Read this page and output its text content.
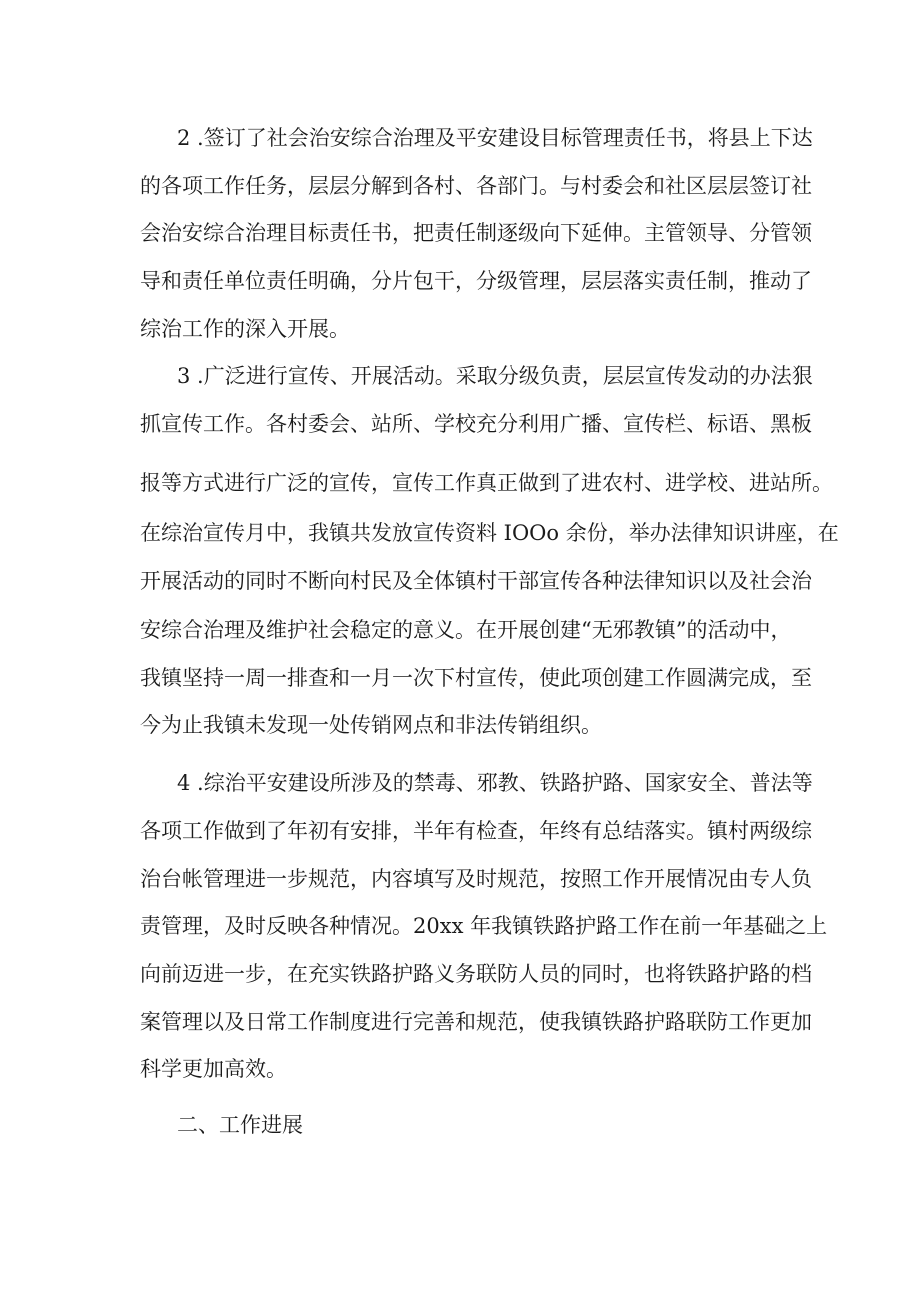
2 .签订了社会治安综合治理及平安建设目标管理责任书，将县上下达
的各项工作任务，层层分解到各村、各部门。与村委会和社区层层签订社
会治安综合治理目标责任书，把责任制逐级向下延伸。主管领导、分管领
导和责任单位责任明确，分片包干，分级管理，层层落实责任制，推动了
综治工作的深入开展。
3 .广泛进行宣传、开展活动。采取分级负责，层层宣传发动的办法狠
抓宣传工作。各村委会、站所、学校充分利用广播、宣传栏、标语、黑板
报等方式进行广泛的宣传，宣传工作真正做到了进农村、进学校、进站所。
在综治宣传月中，我镇共发放宣传资料 IOOo 余份，举办法律知识讲座，在
开展活动的同时不断向村民及全体镇村干部宣传各种法律知识以及社会治
安综合治理及维护社会稳定的意义。在开展创建“无邪教镇”的活动中，
我镇坚持一周一排查和一月一次下村宣传，使此项创建工作圆满完成，至
今为止我镇未发现一处传销网点和非法传销组织。
4 .综治平安建设所涉及的禁毒、邪教、铁路护路、国家安全、普法等
各项工作做到了年初有安排，半年有检查，年终有总结落实。镇村两级综
治台帐管理进一步规范，内容填写及时规范，按照工作开展情况由专人负
责管理，及时反映各种情况。20xx 年我镇铁路护路工作在前一年基础之上
向前迈进一步，在充实铁路护路义务联防人员的同时，也将铁路护路的档
案管理以及日常工作制度进行完善和规范，使我镇铁路护路联防工作更加
科学更加高效。
二、工作进展
